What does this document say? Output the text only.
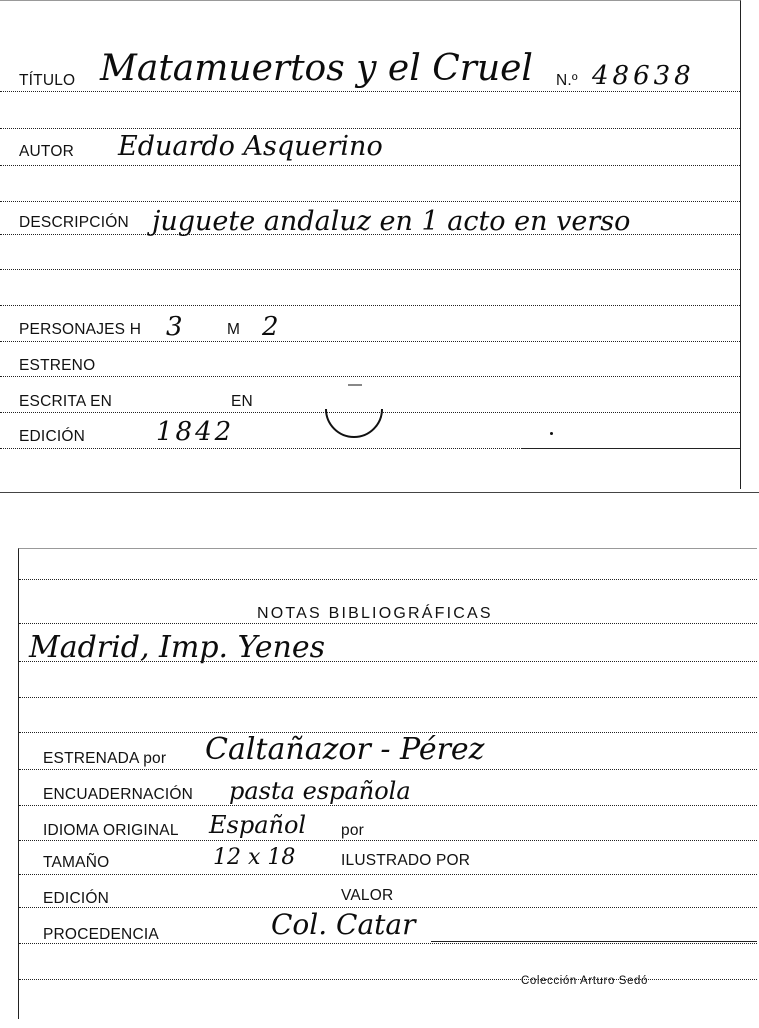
TÍTULO Matamuertos y el Cruel N.º 48638
AUTOR Eduardo Asquerino
DESCRIPCIÓN juguete andaluz en 1 acto en verso
PERSONAJES H 3	M 2
ESTRENO
ESCRITA EN	EN
EDICIÓN	1842
NOTAS BIBLIOGRÁFICAS
Madrid, Imp. Yenes
ESTRENADA por Caltañazor - Pérez
ENCUADERNACIÓN pasta española
IDIOMA ORIGINAL Español por
TAMAÑO	12 x 18	ILUSTRADO POR
EDICIÓN	VALOR
PROCEDENCIA	Col. Catar
Colección Arturo Sedó
